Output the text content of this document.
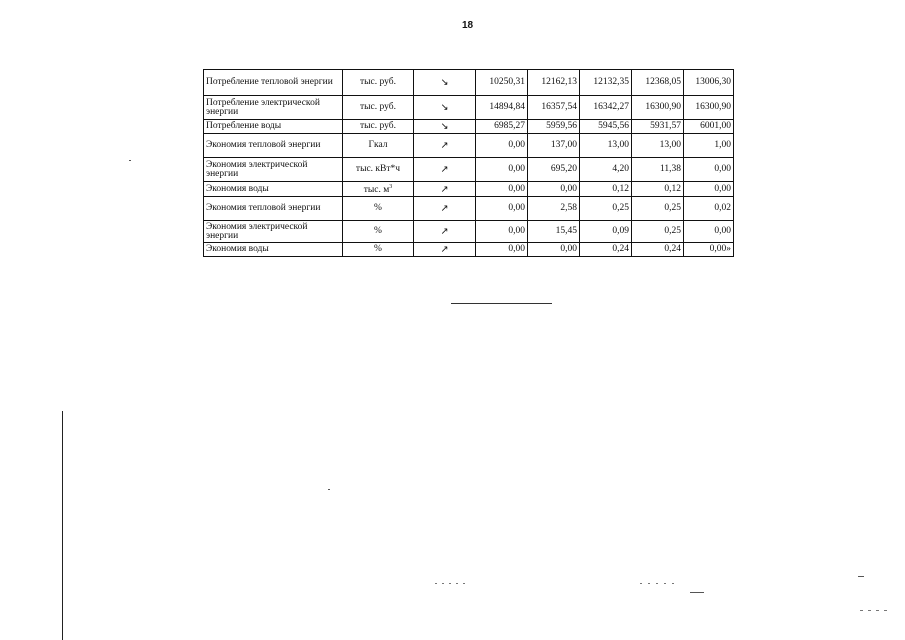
18
Потребление тепловой энергии	тыс. руб.	↘	10250,31	12162,13	12132,35	12368,05	13006,30
Потребление электрической энергии	тыс. руб.	↘	14894,84	16357,54	16342,27	16300,90	16300,90
Потребление воды	тыс. руб.	↘	6985,27	5959,56	5945,56	5931,57	6001,00
Экономия тепловой энергии	Гкал	↗	0,00	137,00	13,00	13,00	1,00
Экономия электрической энергии	тыс. кВт*ч	↗	0,00	695,20	4,20	11,38	0,00
Экономия воды	тыс. $м^3$	↗	0,00	0,00	0,12	0,12	0,00
Экономия тепловой энергии	%	↗	0,00	2,58	0,25	0,25	0,02
Экономия электрической энергии	%	↗	0,00	15,45	0,09	0,25	0,00
Экономия воды	%	↗	0,00	0,00	0,24	0,24	0,00»
